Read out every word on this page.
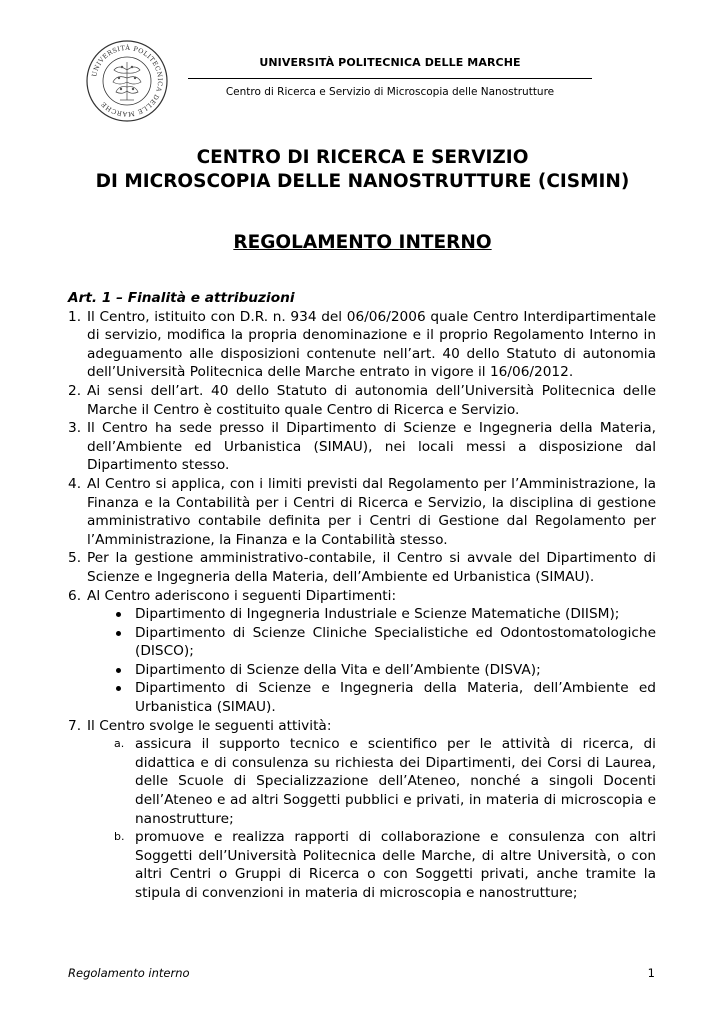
UNIVERSITÀ POLITECNICA DELLE MARCHE
UNIVERSITÀ POLITECNICA DELLE MARCHE
Centro di Ricerca e Servizio di Microscopia delle Nanostrutture
CENTRO DI RICERCA E SERVIZIO
DI MICROSCOPIA DELLE NANOSTRUTTURE (CISMIN)
REGOLAMENTO INTERNO
Art. 1 – Finalità e attribuzioni
1. Il Centro, istituito con D.R. n. 934 del 06/06/2006 quale Centro Interdipartimentale di servizio, modifica la propria denominazione e il proprio Regolamento Interno in adeguamento alle disposizioni contenute nell’art. 40 dello Statuto di autonomia dell’Università Politecnica delle Marche entrato in vigore il 16/06/2012.
2. Ai sensi dell’art. 40 dello Statuto di autonomia dell’Università Politecnica delle Marche il Centro è costituito quale Centro di Ricerca e Servizio.
3. Il Centro ha sede presso il Dipartimento di Scienze e Ingegneria della Materia, dell’Ambiente ed Urbanistica (SIMAU), nei locali messi a disposizione dal Dipartimento stesso.
4. Al Centro si applica, con i limiti previsti dal Regolamento per l’Amministrazione, la Finanza e la Contabilità per i Centri di Ricerca e Servizio, la disciplina di gestione amministrativo contabile definita per i Centri di Gestione dal Regolamento per l’Amministrazione, la Finanza e la Contabilità stesso.
5. Per la gestione amministrativo-contabile, il Centro si avvale del Dipartimento di Scienze e Ingegneria della Materia, dell’Ambiente ed Urbanistica (SIMAU).
6. Al Centro aderiscono i seguenti Dipartimenti:
Dipartimento di Ingegneria Industriale e Scienze Matematiche (DIISM);
Dipartimento di Scienze Cliniche Specialistiche ed Odontostomatologiche (DISCO);
Dipartimento di Scienze della Vita e dell’Ambiente (DISVA);
Dipartimento di Scienze e Ingegneria della Materia, dell’Ambiente ed Urbanistica (SIMAU).
7. Il Centro svolge le seguenti attività:
a. assicura il supporto tecnico e scientifico per le attività di ricerca, di didattica e di consulenza su richiesta dei Dipartimenti, dei Corsi di Laurea, delle Scuole di Specializzazione dell’Ateneo, nonché a singoli Docenti dell’Ateneo e ad altri Soggetti pubblici e privati, in materia di microscopia e nanostrutture;
b. promuove e realizza rapporti di collaborazione e consulenza con altri Soggetti dell’Università Politecnica delle Marche, di altre Università, o con altri Centri o Gruppi di Ricerca o con Soggetti privati, anche tramite la stipula di convenzioni in materia di microscopia e nanostrutture;
Regolamento interno	1
